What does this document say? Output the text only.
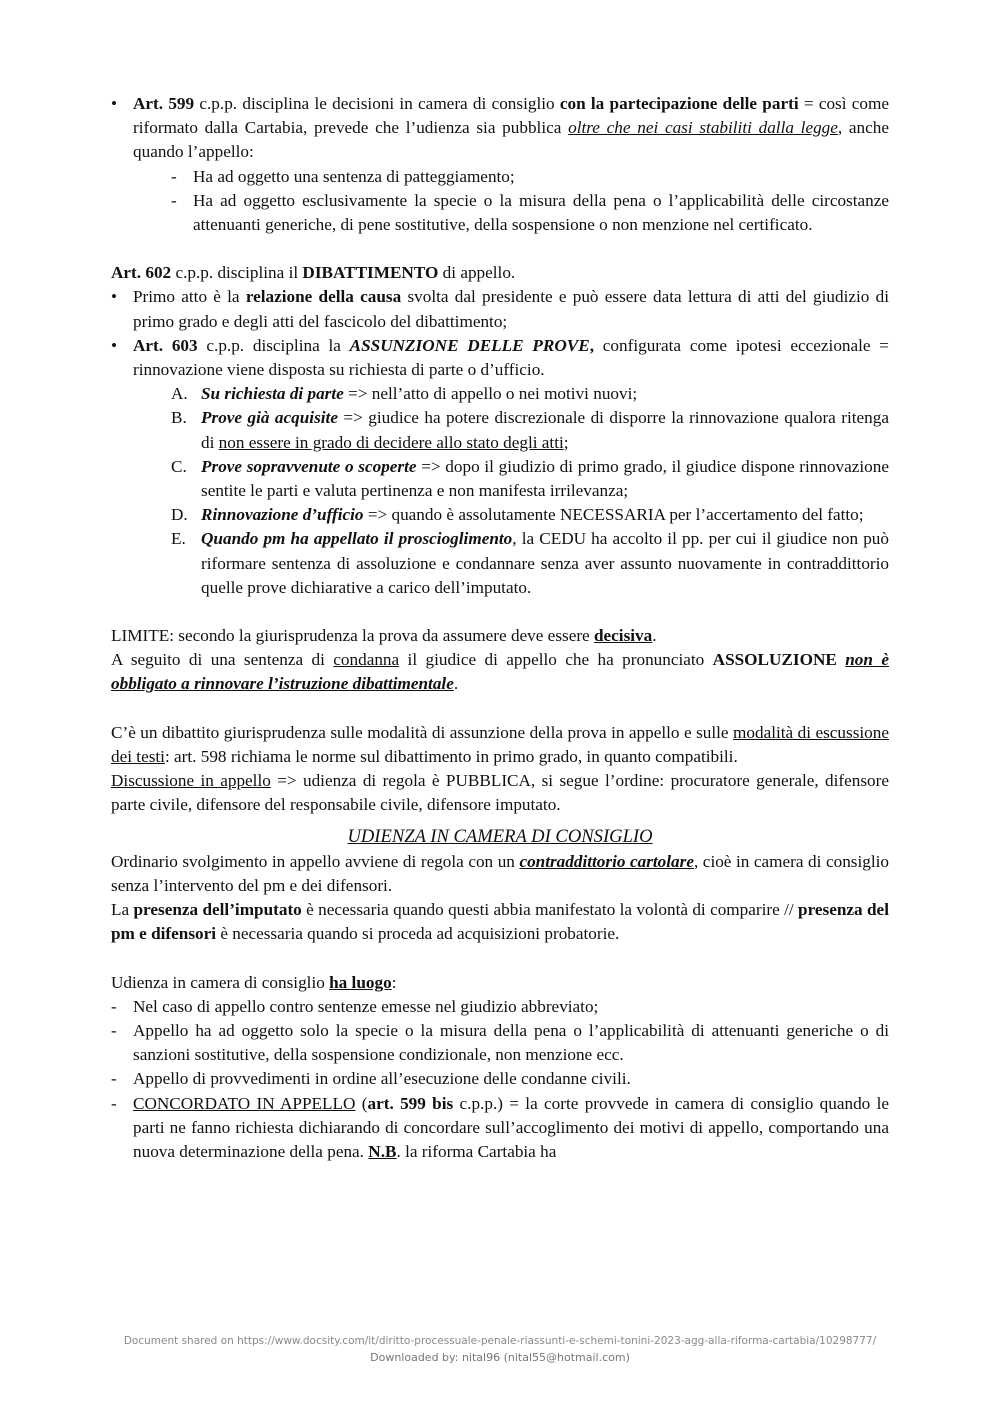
• Art. 599 c.p.p. disciplina le decisioni in camera di consiglio con la partecipazione delle parti = così come riformato dalla Cartabia, prevede che l’udienza sia pubblica oltre che nei casi stabiliti dalla legge, anche quando l’appello:
- Ha ad oggetto una sentenza di patteggiamento;
- Ha ad oggetto esclusivamente la specie o la misura della pena o l’applicabilità delle circostanze attenuanti generiche, di pene sostitutive, della sospensione o non menzione nel certificato.

Art. 602 c.p.p. disciplina il DIBATTIMENTO di appello.

• Primo atto è la relazione della causa svolta dal presidente e può essere data lettura di atti del giudizio di primo grado e degli atti del fascicolo del dibattimento;
• Art. 603 c.p.p. disciplina la ASSUNZIONE DELLE PROVE, configurata come ipotesi eccezionale = rinnovazione viene disposta su richiesta di parte o d’ufficio.
A. Su richiesta di parte => nell’atto di appello o nei motivi nuovi;
B. Prove già acquisite => giudice ha potere discrezionale di disporre la rinnovazione qualora ritenga di non essere in grado di decidere allo stato degli atti;
C. Prove sopravvenute o scoperte => dopo il giudizio di primo grado, il giudice dispone rinnovazione sentite le parti e valuta pertinenza e non manifesta irrilevanza;
D. Rinnovazione d’ufficio => quando è assolutamente NECESSARIA per l’accertamento del fatto;
E. Quando pm ha appellato il proscioglimento, la CEDU ha accolto il pp. per cui il giudice non può riformare sentenza di assoluzione e condannare senza aver assunto nuovamente in contraddittorio quelle prove dichiarative a carico dell’imputato.

LIMITE: secondo la giurisprudenza la prova da assumere deve essere decisiva.

A seguito di una sentenza di condanna il giudice di appello che ha pronunciato ASSOLUZIONE non è obbligato a rinnovare l’istruzione dibattimentale.

C’è un dibattito giurisprudenza sulle modalità di assunzione della prova in appello e sulle modalità di escussione dei testi: art. 598 richiama le norme sul dibattimento in primo grado, in quanto compatibili.

Discussione in appello => udienza di regola è PUBBLICA, si segue l’ordine: procuratore generale, difensore parte civile, difensore del responsabile civile, difensore imputato.

UDIENZA IN CAMERA DI CONSIGLIO

Ordinario svolgimento in appello avviene di regola con un contraddittorio cartolare, cioè in camera di consiglio senza l’intervento del pm e dei difensori.

La presenza dell’imputato è necessaria quando questi abbia manifestato la volontà di comparire // presenza del pm e difensori è necessaria quando si proceda ad acquisizioni probatorie.

Udienza in camera di consiglio ha luogo:

- Nel caso di appello contro sentenze emesse nel giudizio abbreviato;
- Appello ha ad oggetto solo la specie o la misura della pena o l’applicabilità di attenuanti generiche o di sanzioni sostitutive, della sospensione condizionale, non menzione ecc.
- Appello di provvedimenti in ordine all’esecuzione delle condanne civili.
- CONCORDATO IN APPELLO (art. 599 bis c.p.p.) = la corte provvede in camera di consiglio quando le parti ne fanno richiesta dichiarando di concordare sull’accoglimento dei motivi di appello, comportando una nuova determinazione della pena. N.B. la riforma Cartabia ha
Document shared on https://www.docsity.com/it/diritto-processuale-penale-riassunti-e-schemi-tonini-2023-agg-alla-riforma-cartabia/10298777/
Downloaded by: nital96 (nital55@hotmail.com)
